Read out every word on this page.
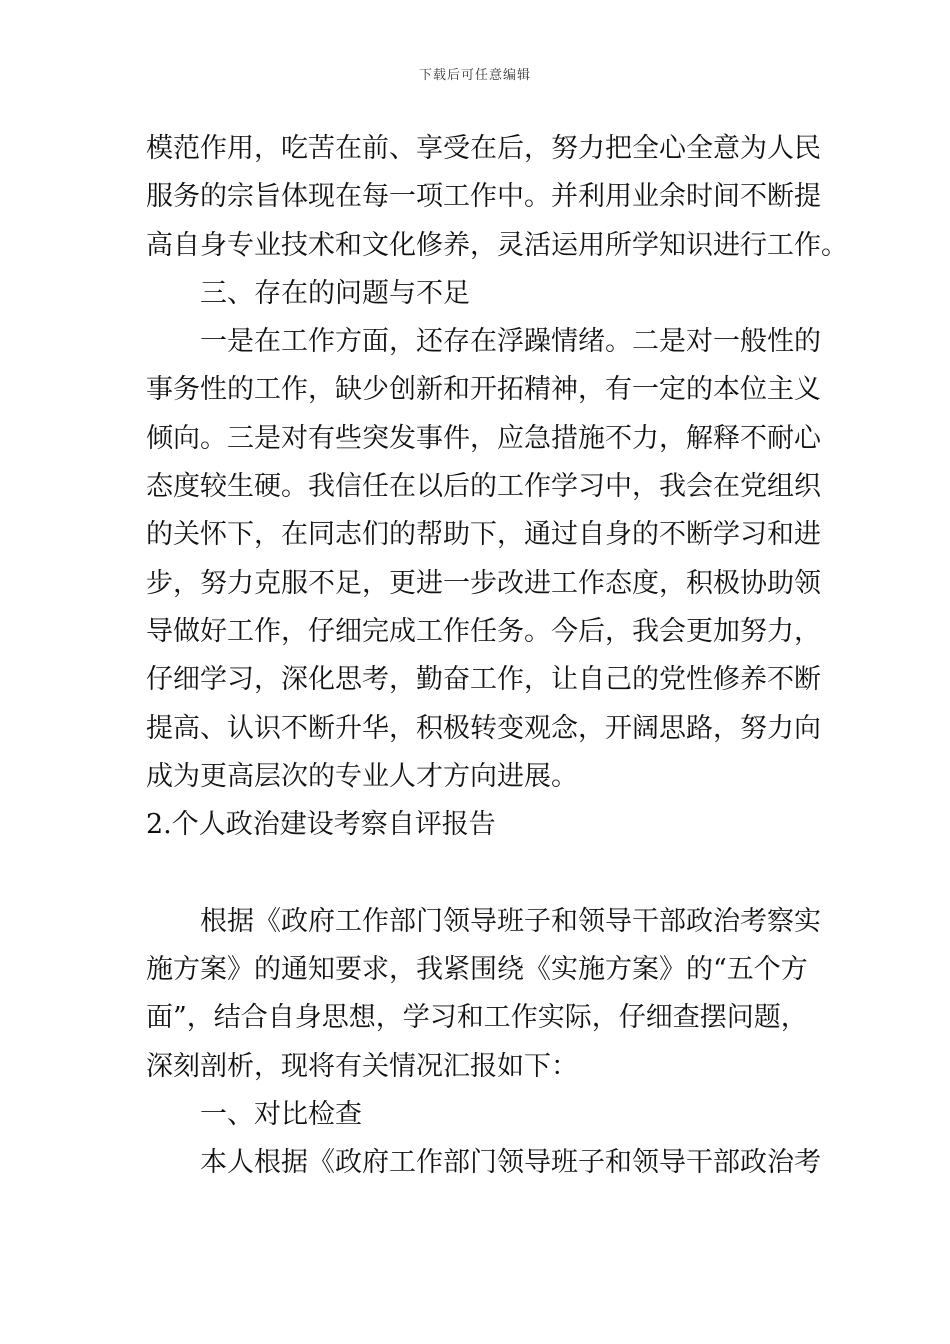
下载后可任意编辑
模范作用，吃苦在前、享受在后，努力把全心全意为人民
服务的宗旨体现在每一项工作中。并利用业余时间不断提
高自身专业技术和文化修养，灵活运用所学知识进行工作。
三、存在的问题与不足
一是在工作方面，还存在浮躁情绪。二是对一般性的
事务性的工作，缺少创新和开拓精神，有一定的本位主义
倾向。三是对有些突发事件，应急措施不力，解释不耐心
态度较生硬。我信任在以后的工作学习中，我会在党组织
的关怀下，在同志们的帮助下，通过自身的不断学习和进
步，努力克服不足，更进一步改进工作态度，积极协助领
导做好工作，仔细完成工作任务。今后，我会更加努力，
仔细学习，深化思考，勤奋工作，让自己的党性修养不断
提高、认识不断升华，积极转变观念，开阔思路，努力向
成为更高层次的专业人才方向进展。
2.个人政治建设考察自评报告
根据《政府工作部门领导班子和领导干部政治考察实
施方案》的通知要求，我紧围绕《实施方案》的“五个方
面”，结合自身思想，学习和工作实际，仔细查摆问题，
深刻剖析，现将有关情况汇报如下：
一、对比检查
本人根据《政府工作部门领导班子和领导干部政治考
